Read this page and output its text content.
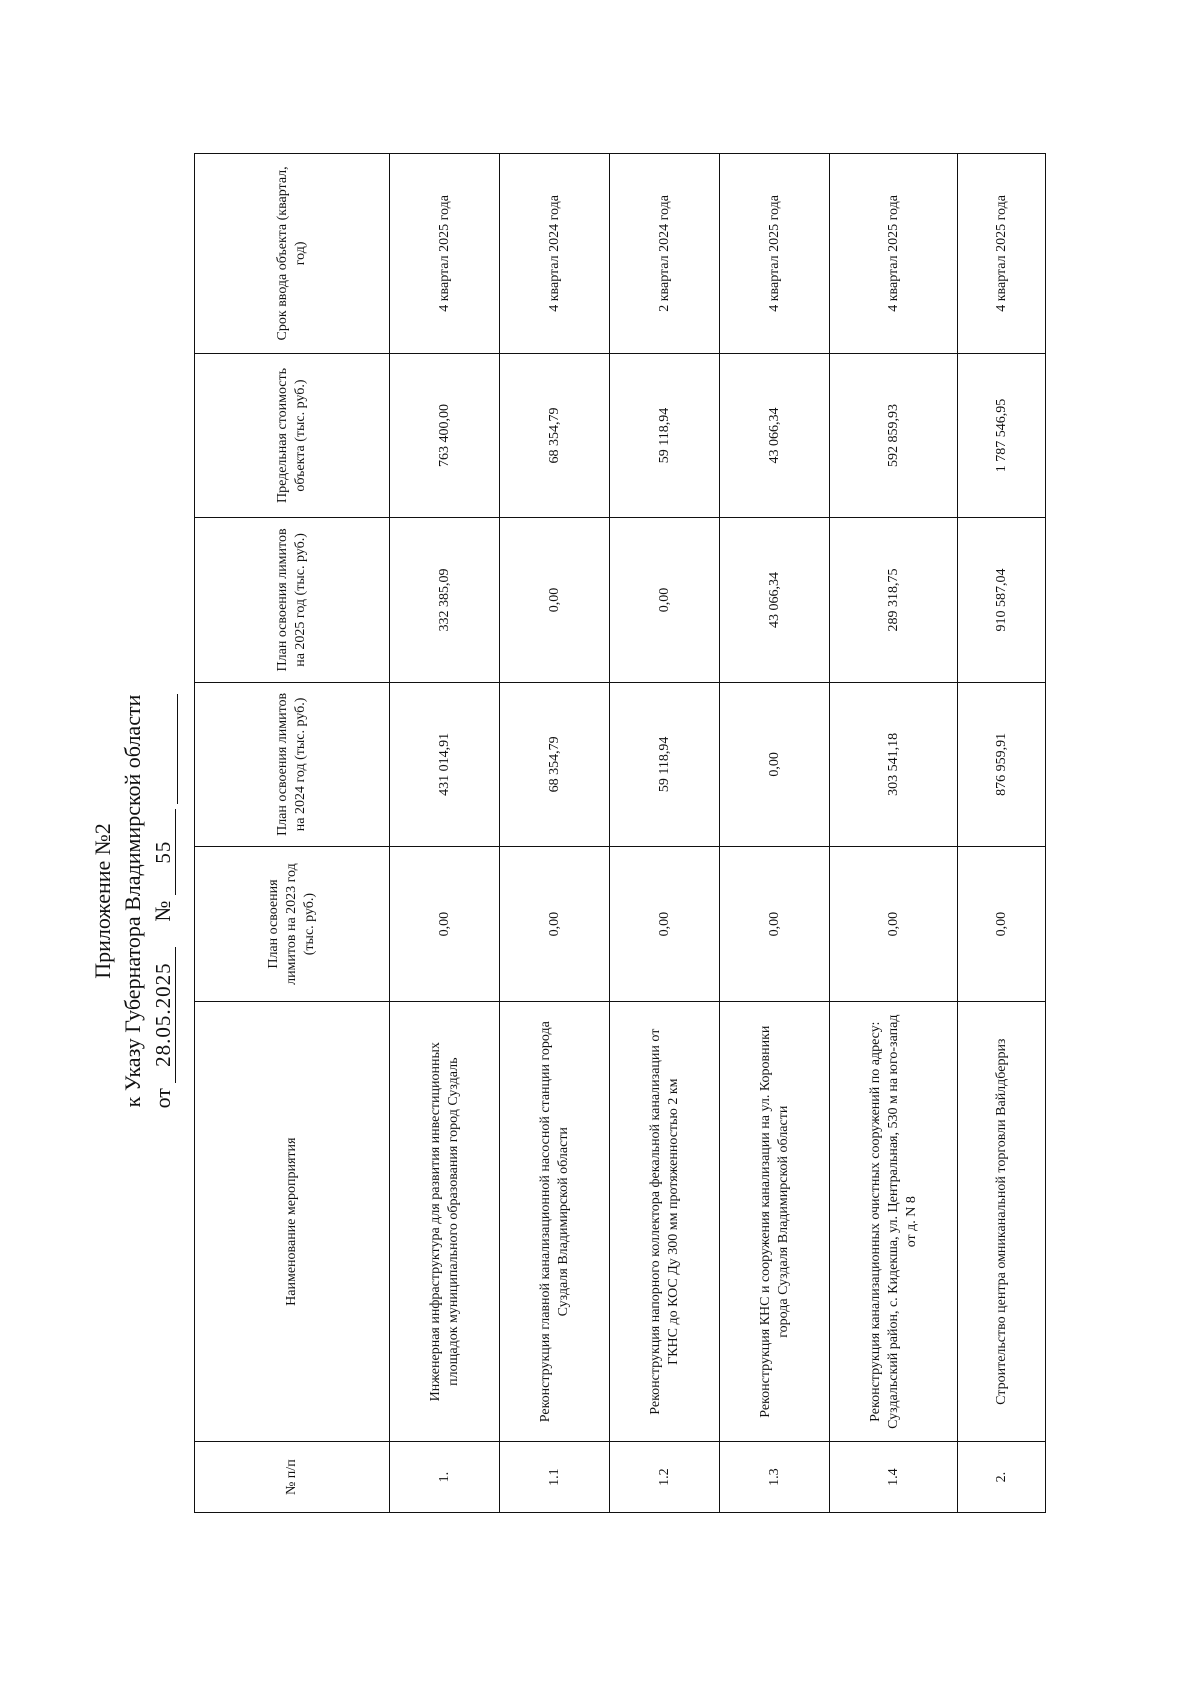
Приложение №2 к Указу Губернатора Владимирской области от 28.05.2025  № 55
№ п/п	Наименование мероприятия	План освоения лимитов на 2023 год (тыс. руб.)	План освоения лимитов на 2024 год (тыс. руб.)	План освоения лимитов на 2025 год (тыс. руб.)	Предельная стоимость объекта (тыс. руб.)	Срок ввода объекта (квартал, год)
1.	Инженерная инфраструктура для развития инвестиционных площадок муниципального образования город Суздаль	0,00	431 014,91	332 385,09	763 400,00	4 квартал 2025 года
1.1	Реконструкция главной канализационной насосной станции города Суздаля Владимирской области	0,00	68 354,79	0,00	68 354,79	4 квартал 2024 года
1.2	Реконструкция напорного коллектора фекальной канализации от ГКНС до КОС Ду 300 мм протяженностью 2 км	0,00	59 118,94	0,00	59 118,94	2 квартал 2024 года
1.3	Реконструкция КНС и сооружения канализации на ул. Коровники города Суздаля Владимирской области	0,00	0,00	43 066,34	43 066,34	4 квартал 2025 года
1.4	Реконструкция канализационных очистных сооружений по адресу: Суздальский район, с. Кидекша, ул. Центральная, 530 м на юго-запад от д. N 8	0,00	303 541,18	289 318,75	592 859,93	4 квартал 2025 года
2.	Строительство центра омниканальной торговли Вайлдберриз	0,00	876 959,91	910 587,04	1 787 546,95	4 квартал 2025 года
